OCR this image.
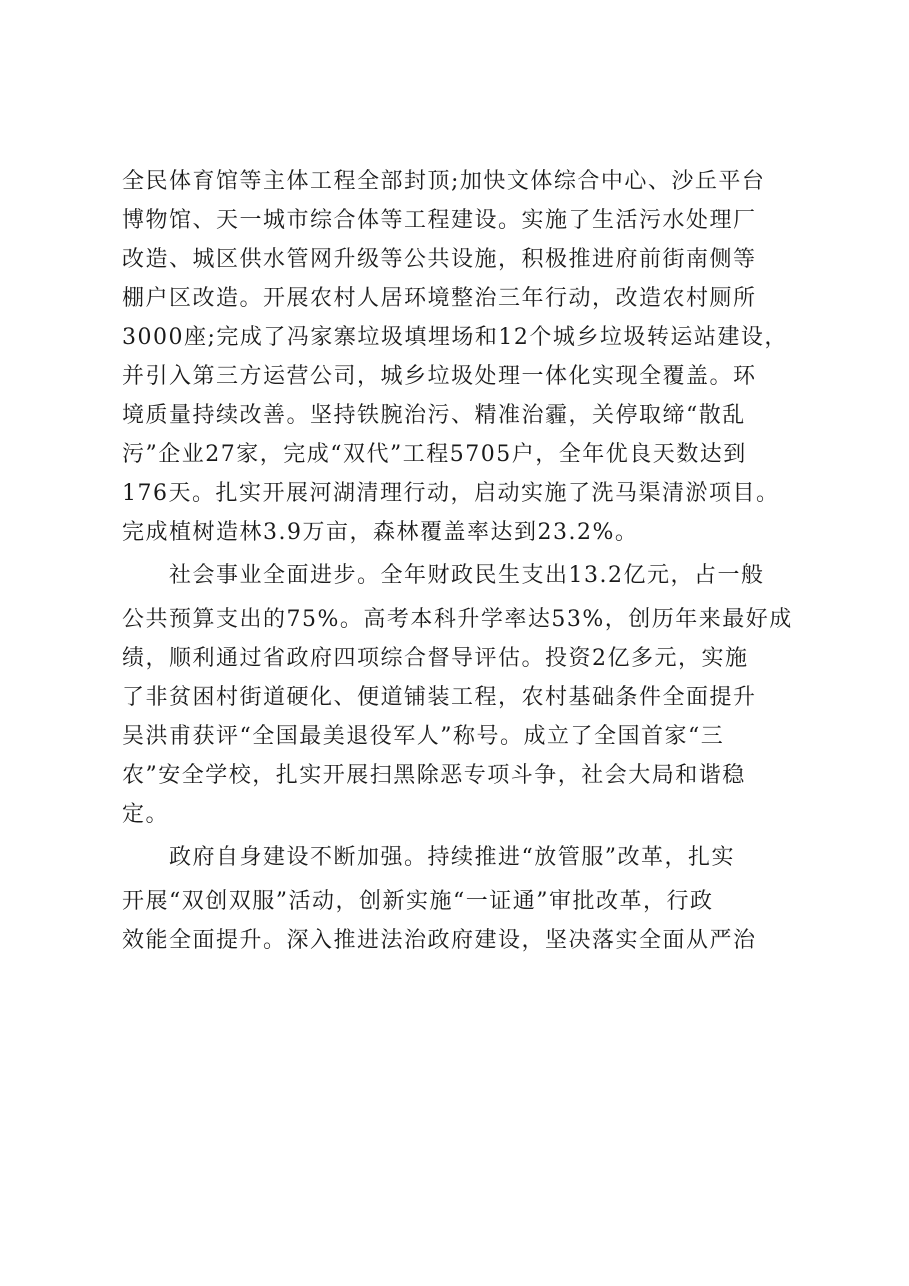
全民体育馆等主体工程全部封顶;加快文体综合中心、沙丘平台
博物馆、天一城市综合体等工程建设。实施了生活污水处理厂
改造、城区供水管网升级等公共设施，积极推进府前街南侧等
棚户区改造。开展农村人居环境整治三年行动，改造农村厕所
3000座;完成了冯家寨垃圾填埋场和12个城乡垃圾转运站建设，
并引入第三方运营公司，城乡垃圾处理一体化实现全覆盖。环
境质量持续改善。坚持铁腕治污、精准治霾，关停取缔“散乱
污”企业27家，完成“双代”工程5705户，全年优良天数达到
176天。扎实开展河湖清理行动，启动实施了洗马渠清淤项目。
完成植树造林3.9万亩，森林覆盖率达到23.2%。
　　社会事业全面进步。全年财政民生支出13.2亿元，占一般
公共预算支出的75%。高考本科升学率达53%，创历年来最好成
绩，顺利通过省政府四项综合督导评估。投资2亿多元，实施
了非贫困村街道硬化、便道铺装工程，农村基础条件全面提升
吴洪甫获评“全国最美退役军人”称号。成立了全国首家“三
农”安全学校，扎实开展扫黑除恶专项斗争，社会大局和谐稳
定。
　　政府自身建设不断加强。持续推进“放管服”改革，扎实
开展“双创双服”活动，创新实施“一证通”审批改革，行政
效能全面提升。深入推进法治政府建设，坚决落实全面从严治
